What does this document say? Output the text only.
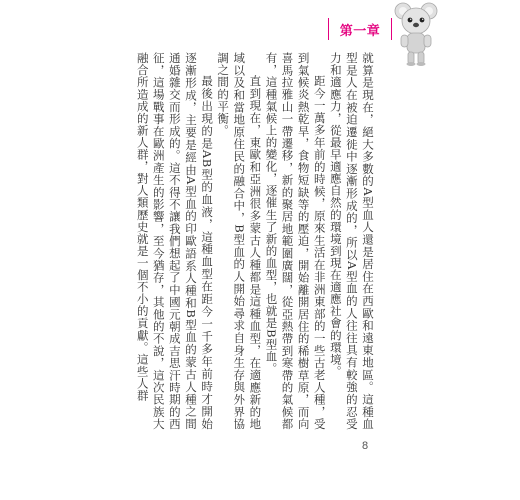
第一章

就算是現在，絕大多數的A型血人還是居住在西歐和遠東地區。這種血型是人在被迫遷徙中逐漸形成的，所以A型血的人往往具有較強的忍受力和適應力，從最早適應自然的環境到現在適應社會的環境。

距今一萬多年前的時候，原來生活在非洲東部的一些古老人種，受到氣候炎熱乾旱，食物短缺等的壓迫，開始離開居住的稀樹草原，而向喜馬拉雅山一帶遷移，新的聚居地範圍廣闊，從亞熱帶到寒帶的氣候都有，這種氣候上的變化，逐催生了新的血型，也就是B型血。

直到現在，東歐和亞洲很多蒙古人種都是這種血型，在適應新的地域以及和當地原住民的融合中，B型血的人開始尋求自身生存與外界協調之間的平衡。

最後出現的是AB型的血液，這種血型在距今一千多年前時才開始逐漸形成，主要是經由A型血的印歐語系人種和B型血的蒙古人種之間通婚雜交而形成的。這不得不讓我們想起了中國元朝成吉思汗時期的西征，這場戰事在歐洲產生的影響，至今猶存，其他的不說，這次民族大融合所造成的新人群，對人類歷史就是一個不小的貢獻。這些人群

8
